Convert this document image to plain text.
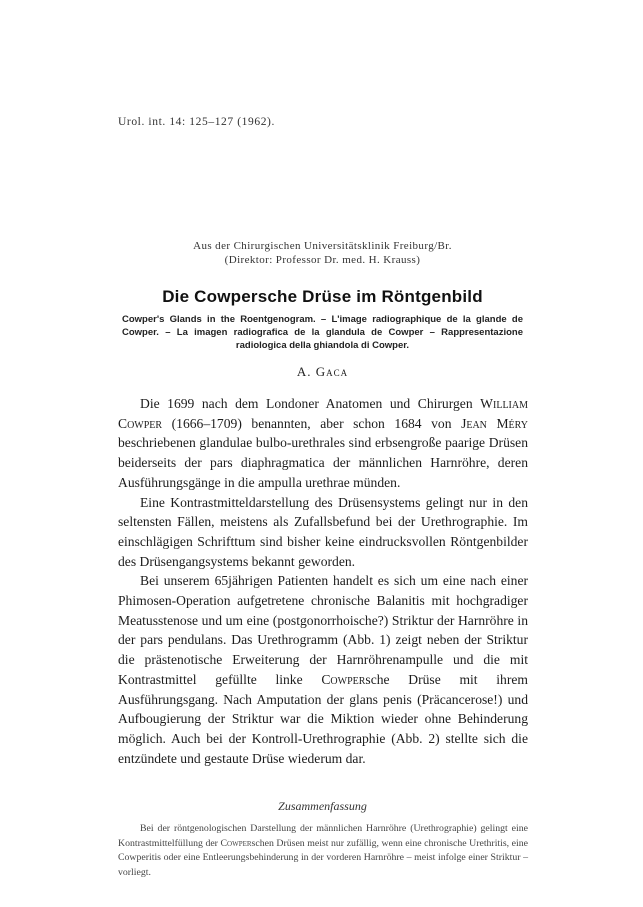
Urol. int. 14: 125–127 (1962).
Aus der Chirurgischen Universitätsklinik Freiburg/Br.
(Direktor: Professor Dr. med. H. Krauss)
Die Cowpersche Drüse im Röntgenbild
Cowper's Glands in the Roentgenogram. – L'image radiographique de la glande de Cowper. – La imagen radiografica de la glandula de Cowper – Rappresentazione radiologica della ghiandola di Cowper.
A. Gaca

Die 1699 nach dem Londoner Anatomen und Chirurgen William Cowper (1666–1709) benannten, aber schon 1684 von Jean Méry beschriebenen glandulae bulbo-urethrales sind erbsengroße paarige Drüsen beiderseits der pars diaphragmatica der männlichen Harnröhre, deren Ausführungsgänge in die ampulla urethrae münden.

Eine Kontrastmitteldarstellung des Drüsensystems gelingt nur in den seltensten Fällen, meistens als Zufallsbefund bei der Urethrographie. Im einschlägigen Schrifttum sind bisher keine eindrucksvollen Röntgenbilder des Drüsengangsystems bekannt geworden.

Bei unserem 65jährigen Patienten handelt es sich um eine nach einer Phimosen-Operation aufgetretene chronische Balanitis mit hochgradiger Meatusstenose und um eine (postgonorrhoische?) Striktur der Harnröhre in der pars pendulans. Das Urethrogramm (Abb. 1) zeigt neben der Striktur die prästenotische Erweiterung der Harnröhrenampulle und die mit Kontrastmittel gefüllte linke Cowpersche Drüse mit ihrem Ausführungsgang. Nach Amputation der glans penis (Präcancerose!) und Aufbougierung der Striktur war die Miktion wieder ohne Behinderung möglich. Auch bei der Kontroll-Urethrographie (Abb. 2) stellte sich die entzündete und gestaute Drüse wiederum dar.

Zusammenfassung

Bei der röntgenologischen Darstellung der männlichen Harnröhre (Urethrographie) gelingt eine Kontrastmittelfüllung der Cowperschen Drüsen meist nur zufällig, wenn eine chronische Urethritis, eine Cowperitis oder eine Entleerungsbehinderung in der vorderen Harnröhre – meist infolge einer Striktur – vorliegt.
